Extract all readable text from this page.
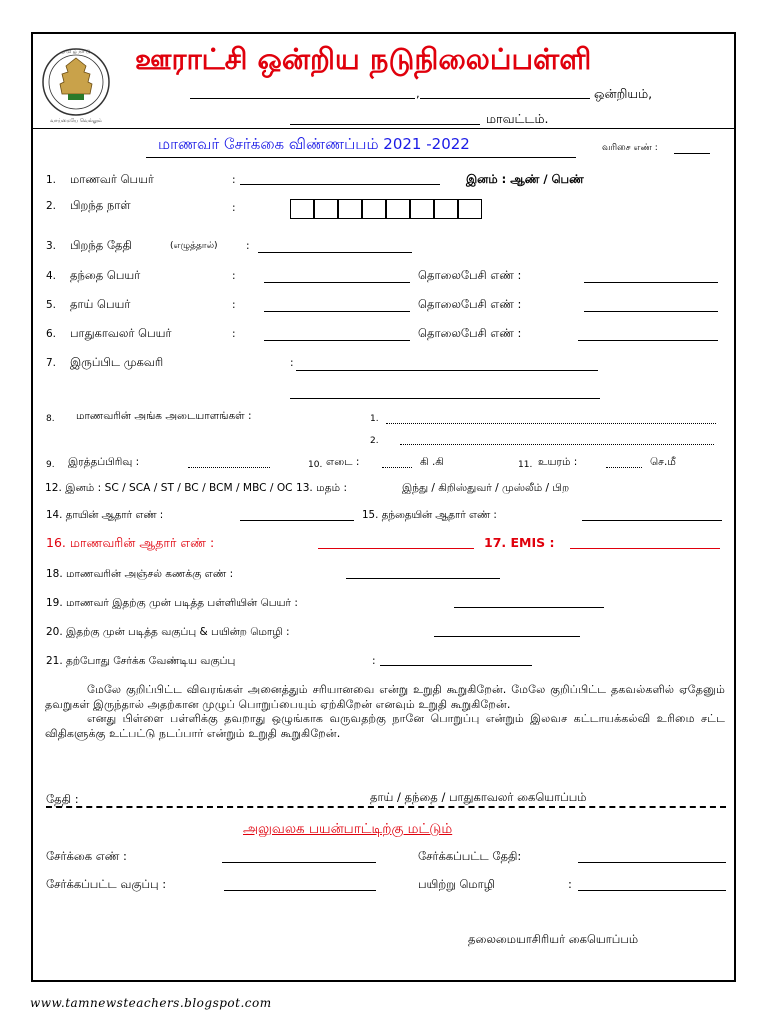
த மி ழ் நா டு
வாய்மையே வெல்லும்
ஊராட்சி ஒன்றிய நடுநிலைப்பள்ளி
,	ஒன்றியம்,
மாவட்டம்.
மாணவர் சேர்க்கை விண்ணப்பம் 2021 -2022	வரிசை எண் :
1. மாணவர் பெயர்	:	இனம் : ஆண் / பெண்
2. பிறந்த நாள்	:
3. பிறந்த தேதி	(எழுத்தால்)	:
4. தந்தை பெயர்	:	தொலைபேசி எண் :
5. தாய் பெயர்	:	தொலைபேசி எண் :
6. பாதுகாவலர் பெயர்	:	தொலைபேசி எண் :
7. இருப்பிட முகவரி	:
8. மாணவரின் அங்க அடையாளங்கள் :	1.
2.
9. இரத்தப்பிரிவு :	10. எடை :	கி .கி	11. உயரம் :	செ.மீ
12. இனம் : SC / SCA / ST / BC / BCM / MBC / OC 13. மதம் :	இந்து / கிறிஸ்துவர் / முஸ்லீம் / பிற
14. தாயின் ஆதார் எண் :	15. தந்தையின் ஆதார் எண் :
16. மாணவரின் ஆதார் எண் :	17. EMIS :
18. மாணவரின் அஞ்சல் கணக்கு எண் :
19. மாணவர் இதற்கு முன் படித்த பள்ளியின் பெயர் :
20. இதற்கு முன் படித்த வகுப்பு & பயின்ற மொழி :
21. தற்போது சேர்க்க வேண்டிய வகுப்பு	:

மேலே குறிப்பிட்ட விவரங்கள் அனைத்தும் சரியானவை என்று உறுதி கூறுகிறேன். மேலே குறிப்பிட்ட தகவல்களில் ஏதேனும் தவறுகள் இருந்தால் அதற்கான முழுப் பொறுப்பையும் ஏற்கிறேன் எனவும் உறுதி கூறுகிறேன்.

எனது பிள்ளை பள்ளிக்கு தவறாது ஒழுங்காக வருவதற்கு நானே பொறுப்பு என்றும் இலவச கட்டாயக்கல்வி உரிமை சட்ட விதிகளுக்கு உட்பட்டு நடப்பார் என்றும் உறுதி கூறுகிறேன்.

தேதி :	தாய் / தந்தை / பாதுகாவலர் கையொப்பம்
அலுவலக பயன்பாட்டிற்கு மட்டும்
சேர்க்கை எண் :	சேர்க்கப்பட்ட தேதி:
சேர்க்கப்பட்ட வகுப்பு :	பயிற்று மொழி	:
தலைமையாசிரியர் கையொப்பம்
www.tamnewsteachers.blogspot.com
